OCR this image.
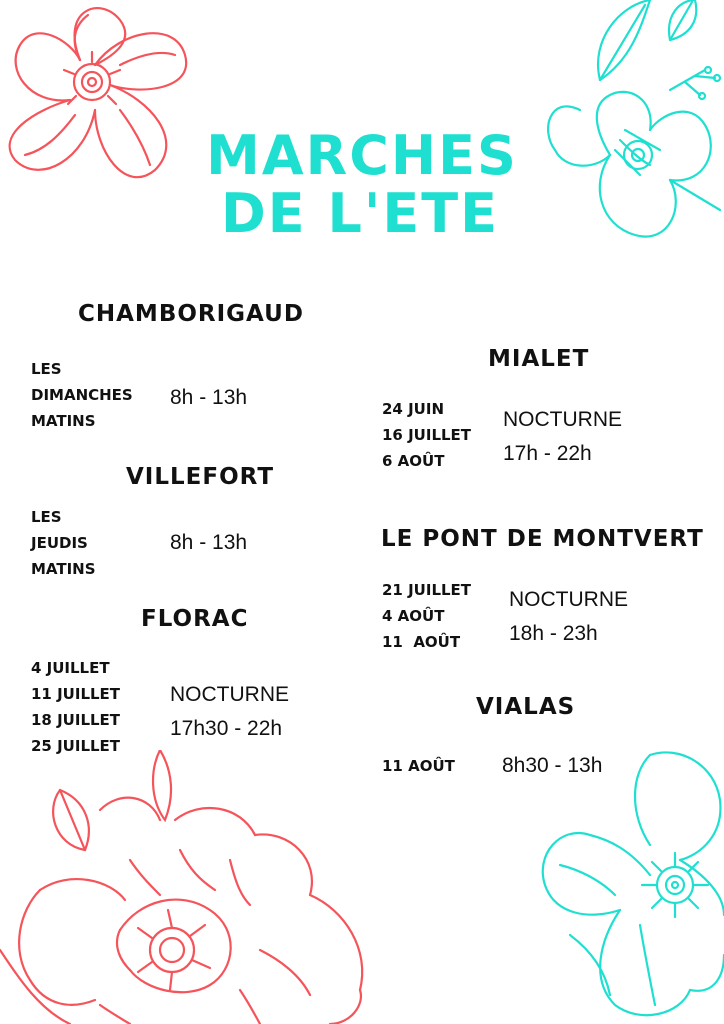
MARCHES
DE L'ETE
CHAMBORIGAUD
LES
DIMANCHES
MATINS
8h - 13h
VILLEFORT
LES
JEUDIS
MATINS
8h - 13h
FLORAC
4 JUILLET
11 JUILLET
18 JUILLET
25 JUILLET
NOCTURNE
17h30 - 22h
MIALET
24 JUIN
16 JUILLET
6 AOÛT
NOCTURNE
17h - 22h
LE PONT DE MONTVERT
21 JUILLET
4 AOÛT
11  AOÛT
NOCTURNE
18h - 23h
VIALAS
11 AOÛT 8h30 - 13h
